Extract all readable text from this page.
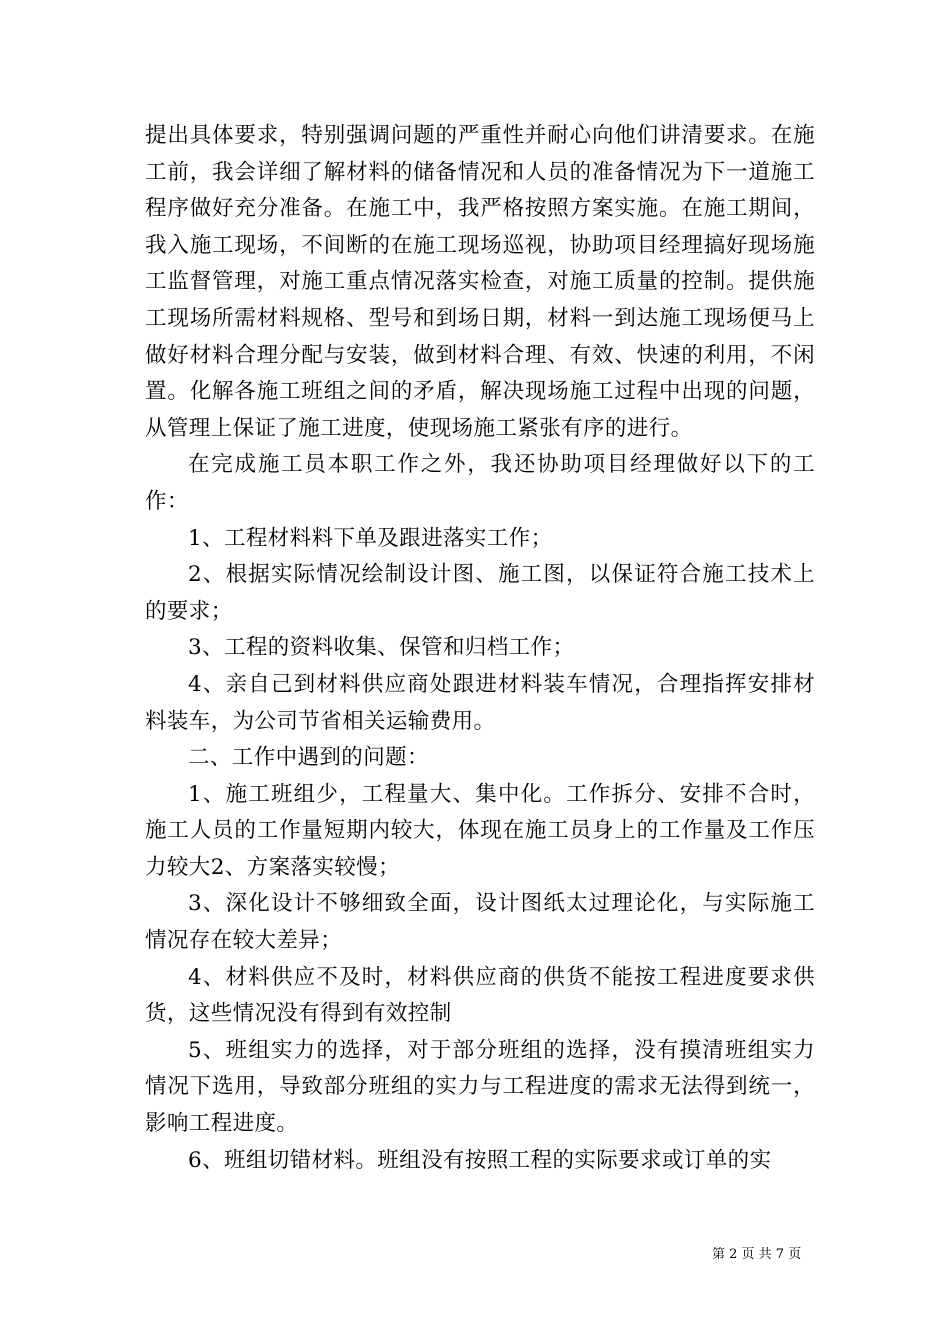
提出具体要求，特别强调问题的严重性并耐心向他们讲清要求。在施工前，我会详细了解材料的储备情况和人员的准备情况为下一道施工程序做好充分准备。在施工中，我严格按照方案实施。在施工期间，我入施工现场，不间断的在施工现场巡视，协助项目经理搞好现场施工监督管理，对施工重点情况落实检查，对施工质量的控制。提供施工现场所需材料规格、型号和到场日期，材料一到达施工现场便马上做好材料合理分配与安装，做到材料合理、有效、快速的利用，不闲置。化解各施工班组之间的矛盾，解决现场施工过程中出现的问题，从管理上保证了施工进度，使现场施工紧张有序的进行。

在完成施工员本职工作之外，我还协助项目经理做好以下的工作：

1、工程材料料下单及跟进落实工作；

2、根据实际情况绘制设计图、施工图，以保证符合施工技术上的要求；

3、工程的资料收集、保管和归档工作；

4、亲自己到材料供应商处跟进材料装车情况，合理指挥安排材料装车，为公司节省相关运输费用。

二、工作中遇到的问题：

1、施工班组少，工程量大、集中化。工作拆分、安排不合时，施工人员的工作量短期内较大，体现在施工员身上的工作量及工作压力较大2、方案落实较慢；

3、深化设计不够细致全面，设计图纸太过理论化，与实际施工情况存在较大差异；

4、材料供应不及时，材料供应商的供货不能按工程进度要求供货，这些情况没有得到有效控制

5、班组实力的选择，对于部分班组的选择，没有摸清班组实力情况下选用，导致部分班组的实力与工程进度的需求无法得到统一，影响工程进度。

6、班组切错材料。班组没有按照工程的实际要求或订单的实

第 2 页 共 7 页
